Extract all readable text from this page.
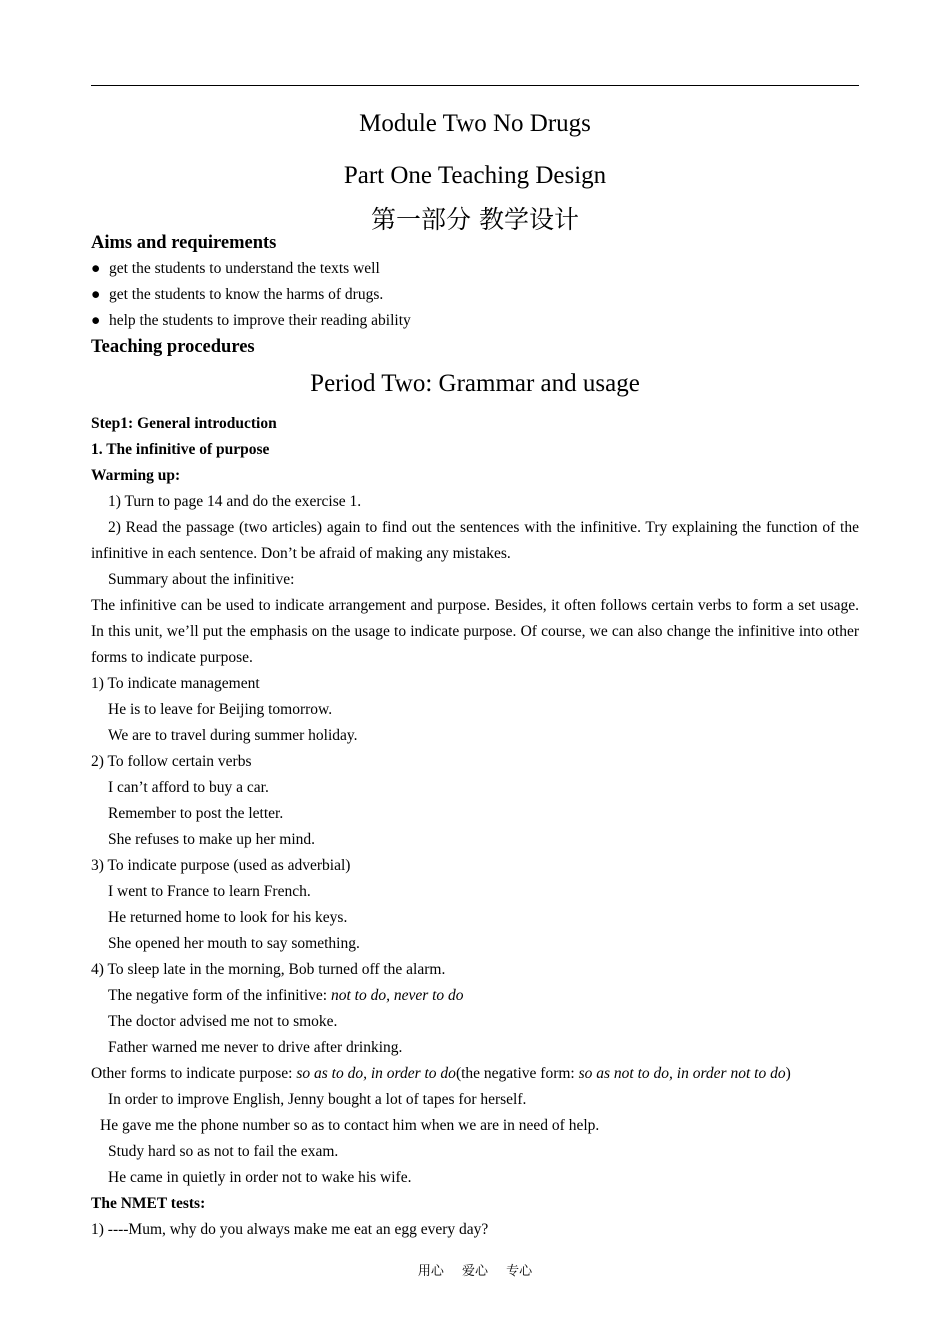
Module Two No Drugs
Part One Teaching Design
第一部分 教学设计
Aims and requirements
● get the students to understand the texts well
● get the students to know the harms of drugs.
● help the students to improve their reading ability
Teaching procedures
Period Two: Grammar and usage
Step1: General introduction
1. The infinitive of purpose
Warming up:
1) Turn to page 14 and do the exercise 1.
2) Read the passage (two articles) again to find out the sentences with the infinitive. Try explaining the function of the infinitive in each sentence. Don’t be afraid of making any mistakes.
Summary about the infinitive:
The infinitive can be used to indicate arrangement and purpose. Besides, it often follows certain verbs to form a set usage. In this unit, we’ll put the emphasis on the usage to indicate purpose. Of course, we can also change the infinitive into other forms to indicate purpose.
1) To indicate management
He is to leave for Beijing tomorrow.
We are to travel during summer holiday.
2) To follow certain verbs
I can’t afford to buy a car.
Remember to post the letter.
She refuses to make up her mind.
3) To indicate purpose (used as adverbial)
I went to France to learn French.
He returned home to look for his keys.
She opened her mouth to say something.
4) To sleep late in the morning, Bob turned off the alarm.
The negative form of the infinitive: not to do, never to do
The doctor advised me not to smoke.
Father warned me never to drive after drinking.
Other forms to indicate purpose: so as to do, in order to do(the negative form: so as not to do, in order not to do)
In order to improve English, Jenny bought a lot of tapes for herself.
He gave me the phone number so as to contact him when we are in need of help.
Study hard so as not to fail the exam.
He came in quietly in order not to wake his wife.
The NMET tests:
1) ----Mum, why do you always make me eat an egg every day?
用心 爱心 专心
